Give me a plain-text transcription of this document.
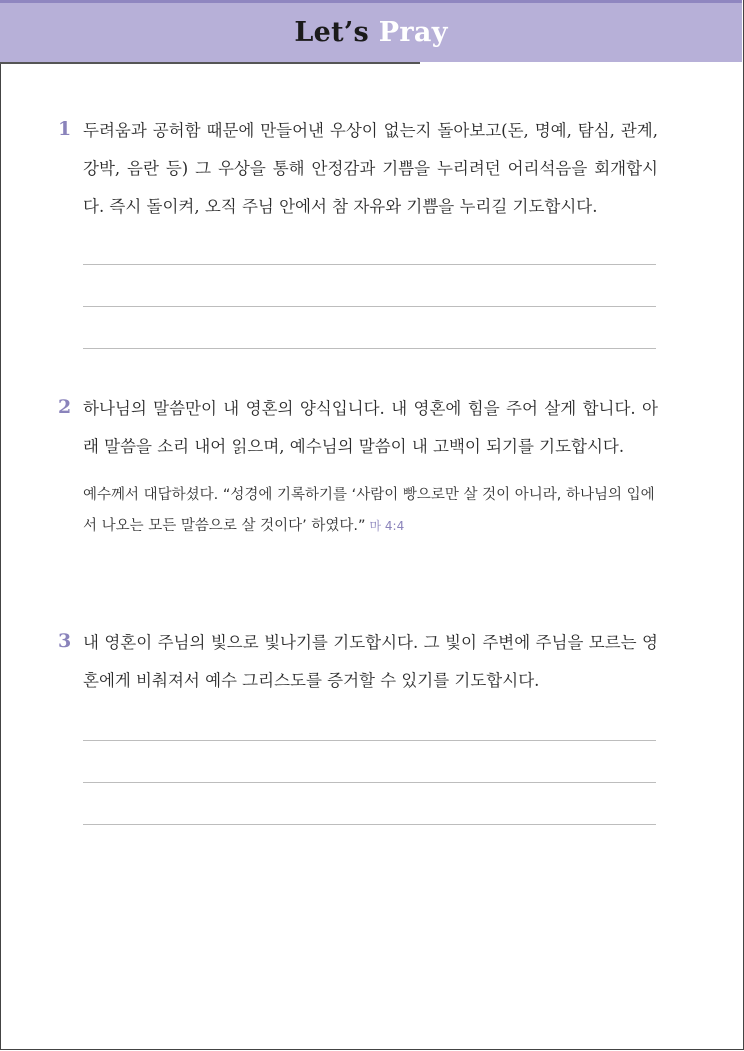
Let’s Pray
1 두려움과 공허함 때문에 만들어낸 우상이 없는지 돌아보고(돈, 명예, 탐심, 관계, 강박, 음란 등) 그 우상을 통해 안정감과 기쁨을 누리려던 어리석음을 회개합시다. 즉시 돌이켜, 오직 주님 안에서 참 자유와 기쁨을 누리길 기도합시다.
2 하나님의 말씀만이 내 영혼의 양식입니다. 내 영혼에 힘을 주어 살게 합니다. 아래 말씀을 소리 내어 읽으며, 예수님의 말씀이 내 고백이 되기를 기도합시다.
예수께서 대답하셨다. “성경에 기록하기를 ‘사람이 빵으로만 살 것이 아니라, 하나님의 입에서 나오는 모든 말씀으로 살 것이다’ 하였다.” 마 4:4
3 내 영혼이 주님의 빛으로 빛나기를 기도합시다. 그 빛이 주변에 주님을 모르는 영혼에게 비춰져서 예수 그리스도를 증거할 수 있기를 기도합시다.
